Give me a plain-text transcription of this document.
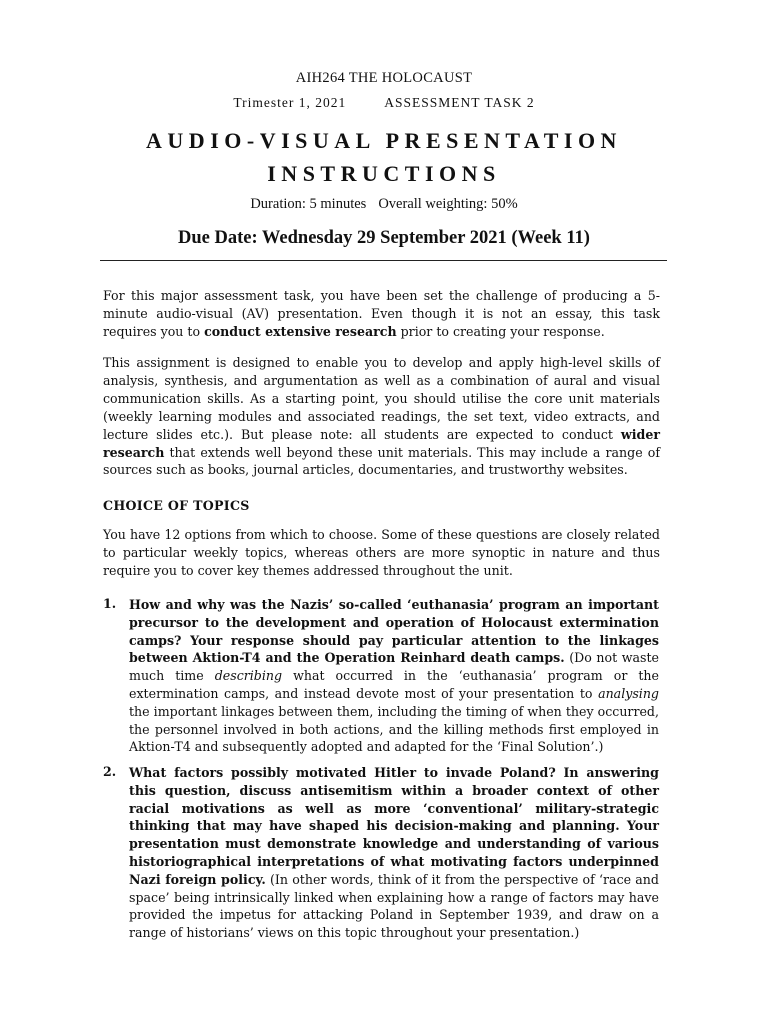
AIH264 THE HOLOCAUST
Trimester 1, 2021	ASSESSMENT TASK 2
AUDIO-VISUAL PRESENTATION
INSTRUCTIONS
Duration: 5 minutes Overall weighting: 50%
Due Date: Wednesday 29 September 2021 (Week 11)
For this major assessment task, you have been set the challenge of producing a 5-minute audio-visual (AV) presentation. Even though it is not an essay, this task requires you to conduct extensive research prior to creating your response.
This assignment is designed to enable you to develop and apply high-level skills of analysis, synthesis, and argumentation as well as a combination of aural and visual communication skills. As a starting point, you should utilise the core unit materials (weekly learning modules and associated readings, the set text, video extracts, and lecture slides etc.). But please note: all students are expected to conduct wider research that extends well beyond these unit materials. This may include a range of sources such as books, journal articles, documentaries, and trustworthy websites.
CHOICE OF TOPICS
You have 12 options from which to choose. Some of these questions are closely related to particular weekly topics, whereas others are more synoptic in nature and thus require you to cover key themes addressed throughout the unit.
1.	How and why was the Nazis’ so-called ‘euthanasia’ program an important precursor to the development and operation of Holocaust extermination camps? Your response should pay particular attention to the linkages between Aktion-T4 and the Operation Reinhard death camps. (Do not waste much time describing what occurred in the ‘euthanasia’ program or the extermination camps, and instead devote most of your presentation to analysing the important linkages between them, including the timing of when they occurred, the personnel involved in both actions, and the killing methods first employed in Aktion-T4 and subsequently adopted and adapted for the ‘Final Solution’.)
2.	What factors possibly motivated Hitler to invade Poland? In answering this question, discuss antisemitism within a broader context of other racial motivations as well as more ‘conventional’ military-strategic thinking that may have shaped his decision-making and planning. Your presentation must demonstrate knowledge and understanding of various historiographical interpretations of what motivating factors underpinned Nazi foreign policy. (In other words, think of it from the perspective of ‘race and space’ being intrinsically linked when explaining how a range of factors may have provided the impetus for attacking Poland in September 1939, and draw on a range of historians’ views on this topic throughout your presentation.)
